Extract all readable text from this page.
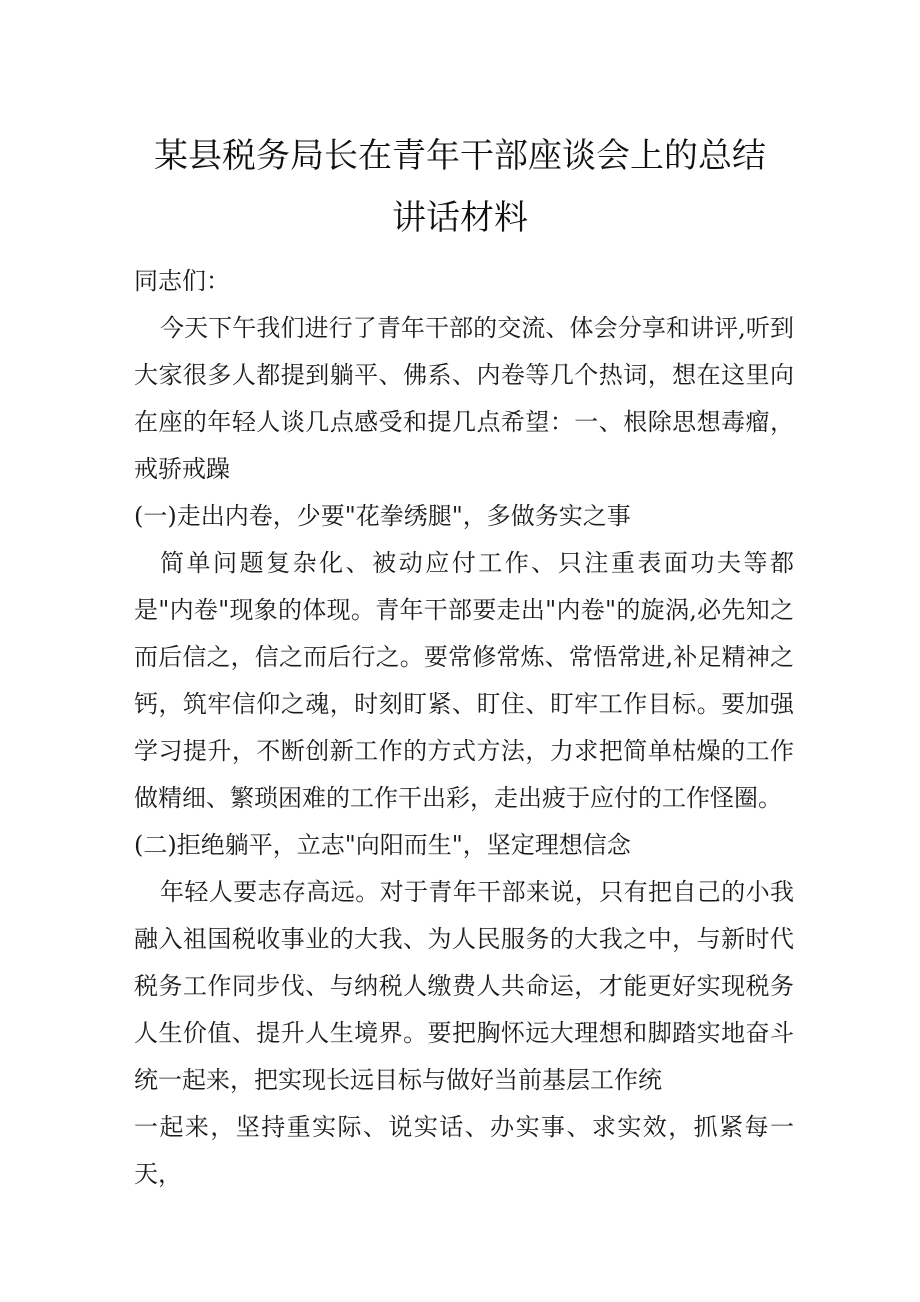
某县税务局长在青年干部座谈会上的总结
讲话材料

同志们：

今天下午我们进行了青年干部的交流、体会分享和讲评,听到大家很多人都提到躺平、佛系、内卷等几个热词，想在这里向在座的年轻人谈几点感受和提几点希望：一、根除思想毒瘤，戒骄戒躁

(一)走出内卷，少要"花拳绣腿"，多做务实之事

简单问题复杂化、被动应付工作、只注重表面功夫等都是"内卷"现象的体现。青年干部要走出"内卷"的旋涡,必先知之而后信之，信之而后行之。要常修常炼、常悟常进,补足精神之钙，筑牢信仰之魂，时刻盯紧、盯住、盯牢工作目标。要加强学习提升，不断创新工作的方式方法，力求把简单枯燥的工作做精细、繁琐困难的工作干出彩，走出疲于应付的工作怪圈。

(二)拒绝躺平，立志"向阳而生"，坚定理想信念

年轻人要志存高远。对于青年干部来说，只有把自己的小我融入祖国税收事业的大我、为人民服务的大我之中，与新时代税务工作同步伐、与纳税人缴费人共命运，才能更好实现税务人生价值、提升人生境界。要把胸怀远大理想和脚踏实地奋斗统一起来，把实现长远目标与做好当前基层工作统

一起来，坚持重实际、说实话、办实事、求实效，抓紧每一天，
